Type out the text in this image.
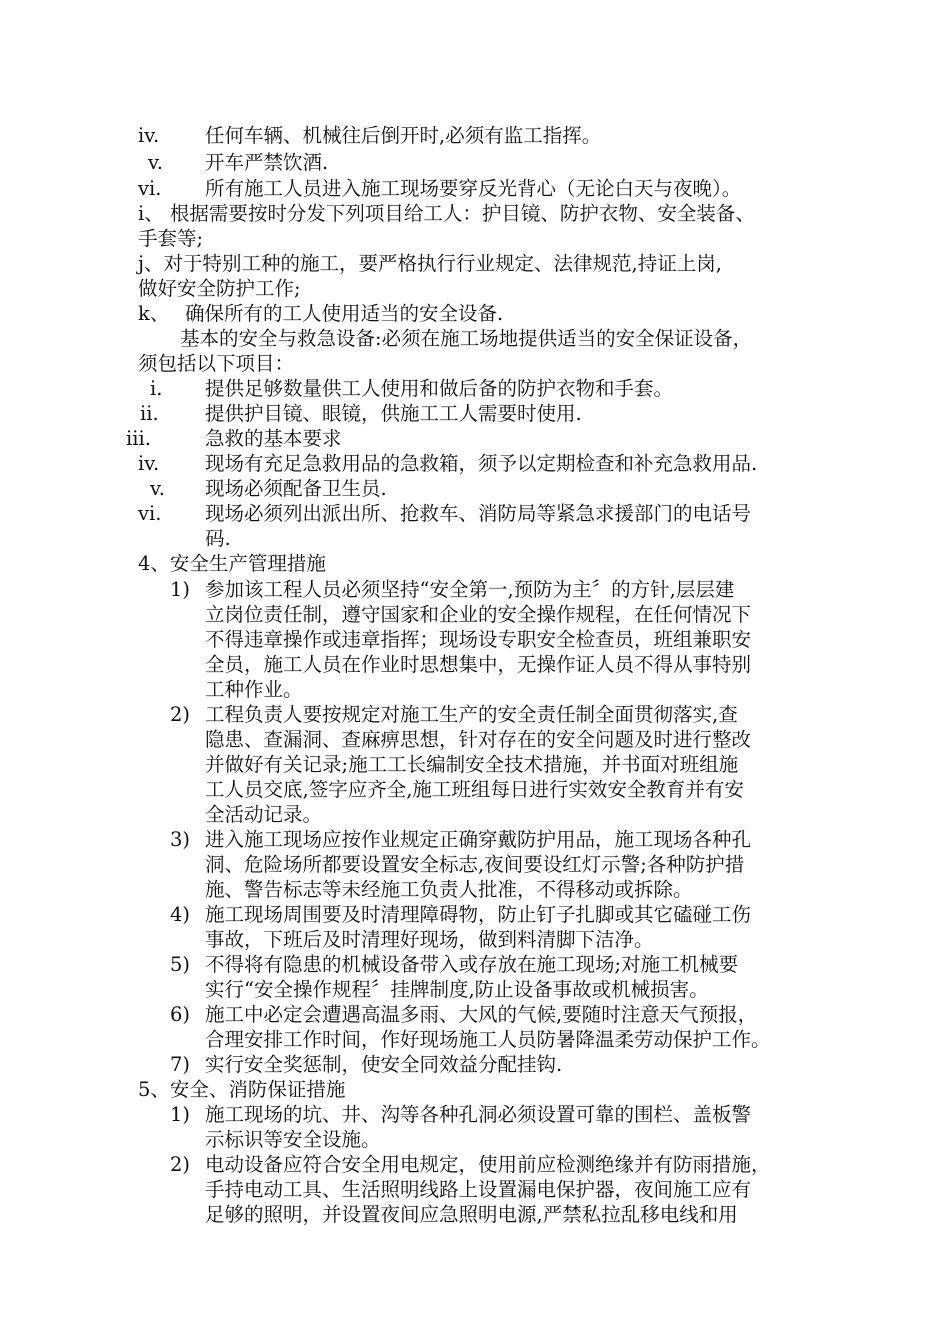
iv. 任何车辆、机械往后倒开时,必须有监工指挥。
v. 开车严禁饮酒.
vi. 所有施工人员进入施工现场要穿反光背心（无论白天与夜晚）。
i、 根据需要按时分发下列项目给工人：护目镜、防护衣物、安全装备、
手套等;
j、对于特别工种的施工，要严格执行行业规定、法律规范,持证上岗,
做好安全防护工作;
k、 确保所有的工人使用适当的安全设备.
基本的安全与救急设备:必须在施工场地提供适当的安全保证设备，
须包括以下项目：
i. 提供足够数量供工人使用和做后备的防护衣物和手套。
ii. 提供护目镜、眼镜，供施工工人需要时使用.
iii.	急救的基本要求
iv. 现场有充足急救用品的急救箱，须予以定期检查和补充急救用品.
v. 现场必须配备卫生员.
vi. 现场必须列出派出所、抢救车、消防局等紧急求援部门的电话号
码.
4、安全生产管理措施
1) 参加该工程人员必须坚持“安全第一,预防为主〞的方针,层层建
立岗位责任制，遵守国家和企业的安全操作规程，在任何情况下
不得违章操作或违章指挥；现场设专职安全检查员，班组兼职安
全员，施工人员在作业时思想集中，无操作证人员不得从事特别
工种作业。
2) 工程负责人要按规定对施工生产的安全责任制全面贯彻落实,查
隐患、查漏洞、查麻痹思想，针对存在的安全问题及时进行整改
并做好有关记录;施工工长编制安全技术措施，并书面对班组施
工人员交底,签字应齐全,施工班组每日进行实效安全教育并有安
全活动记录。
3) 进入施工现场应按作业规定正确穿戴防护用品，施工现场各种孔
洞、危险场所都要设置安全标志,夜间要设红灯示警;各种防护措
施、警告标志等未经施工负责人批准，不得移动或拆除。
4) 施工现场周围要及时清理障碍物，防止钉子扎脚或其它磕碰工伤
事故，下班后及时清理好现场，做到料清脚下洁净。
5) 不得将有隐患的机械设备带入或存放在施工现场;对施工机械要
实行“安全操作规程〞挂牌制度,防止设备事故或机械损害。
6) 施工中必定会遭遇高温多雨、大风的气候,要随时注意天气预报，
合理安排工作时间，作好现场施工人员防暑降温柔劳动保护工作。
7) 实行安全奖惩制，使安全同效益分配挂钩.
5、安全、消防保证措施
1) 施工现场的坑、井、沟等各种孔洞必须设置可靠的围栏、盖板警
示标识等安全设施。
2) 电动设备应符合安全用电规定，使用前应检测绝缘并有防雨措施，
手持电动工具、生活照明线路上设置漏电保护器，夜间施工应有
足够的照明，并设置夜间应急照明电源,严禁私拉乱移电线和用
